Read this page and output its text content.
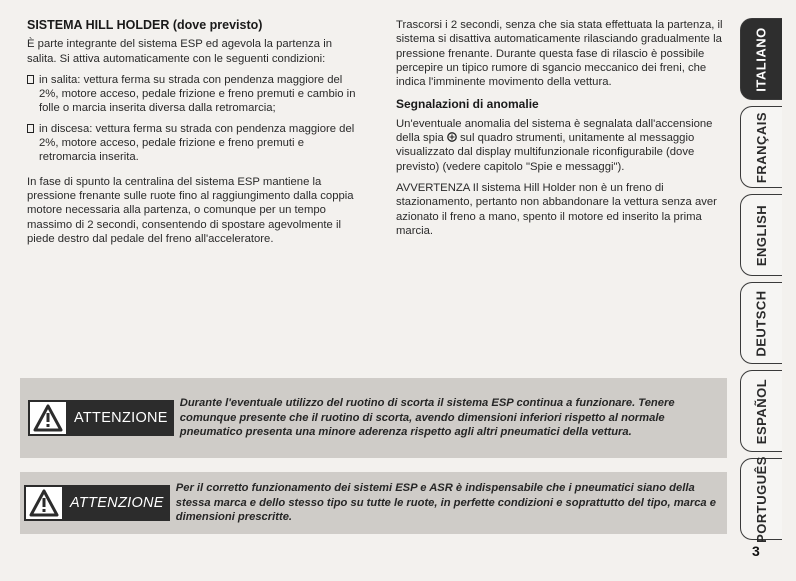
SISTEMA HILL HOLDER (dove previsto)

È parte integrante del sistema ESP ed agevola la partenza in salita. Si attiva automaticamente con le seguenti condizioni:

in salita: vettura ferma su strada con pendenza maggiore del 2%, motore acceso, pedale frizione e freno premuti e cambio in folle o marcia inserita diversa dalla retromarcia;
in discesa: vettura ferma su strada con pendenza maggiore del 2%, motore acceso, pedale frizione e freno premuti e retromarcia inserita.

In fase di spunto la centralina del sistema ESP mantiene la pressione frenante sulle ruote fino al raggiungimento dalla coppia motore necessaria alla partenza, o comunque per un tempo massimo di 2 secondi, consentendo di spostare agevolmente il piede destro dal pedale del freno all'acceleratore.

Trascorsi i 2 secondi, senza che sia stata effettuata la partenza, il sistema si disattiva automaticamente rilasciando gradualmente la pressione frenante. Durante questa fase di rilascio è possibile percepire un tipico rumore di sgancio meccanico dei freni, che indica l'imminente movimento della vettura.

Segnalazioni di anomalie

Un'eventuale anomalia del sistema è segnalata dall'accensione della spia sul quadro strumenti, unitamente al messaggio visualizzato dal display multifunzionale riconfigurabile (dove previsto) (vedere capitolo "Spie e messaggi").

AVVERTENZA Il sistema Hill Holder non è un freno di stazionamento, pertanto non abbandonare la vettura senza aver azionato il freno a mano, spento il motore ed inserito la prima marcia.

ITALIANO
FRANÇAIS
ENGLISH
DEUTSCH
ESPAÑOL
PORTUGUÊS
ATTENZIONE
Durante l'eventuale utilizzo del ruotino di scorta il sistema ESP continua a funzionare. Tenere comunque presente che il ruotino di scorta, avendo dimensioni inferiori rispetto al normale pneumatico presenta una minore aderenza rispetto agli altri pneumatici della vettura.
ATTENZIONE
Per il corretto funzionamento dei sistemi ESP e ASR è indispensabile che i pneumatici siano della stessa marca e dello stesso tipo su tutte le ruote, in perfette condizioni e soprattutto del tipo, marca e dimensioni prescritte.
3
